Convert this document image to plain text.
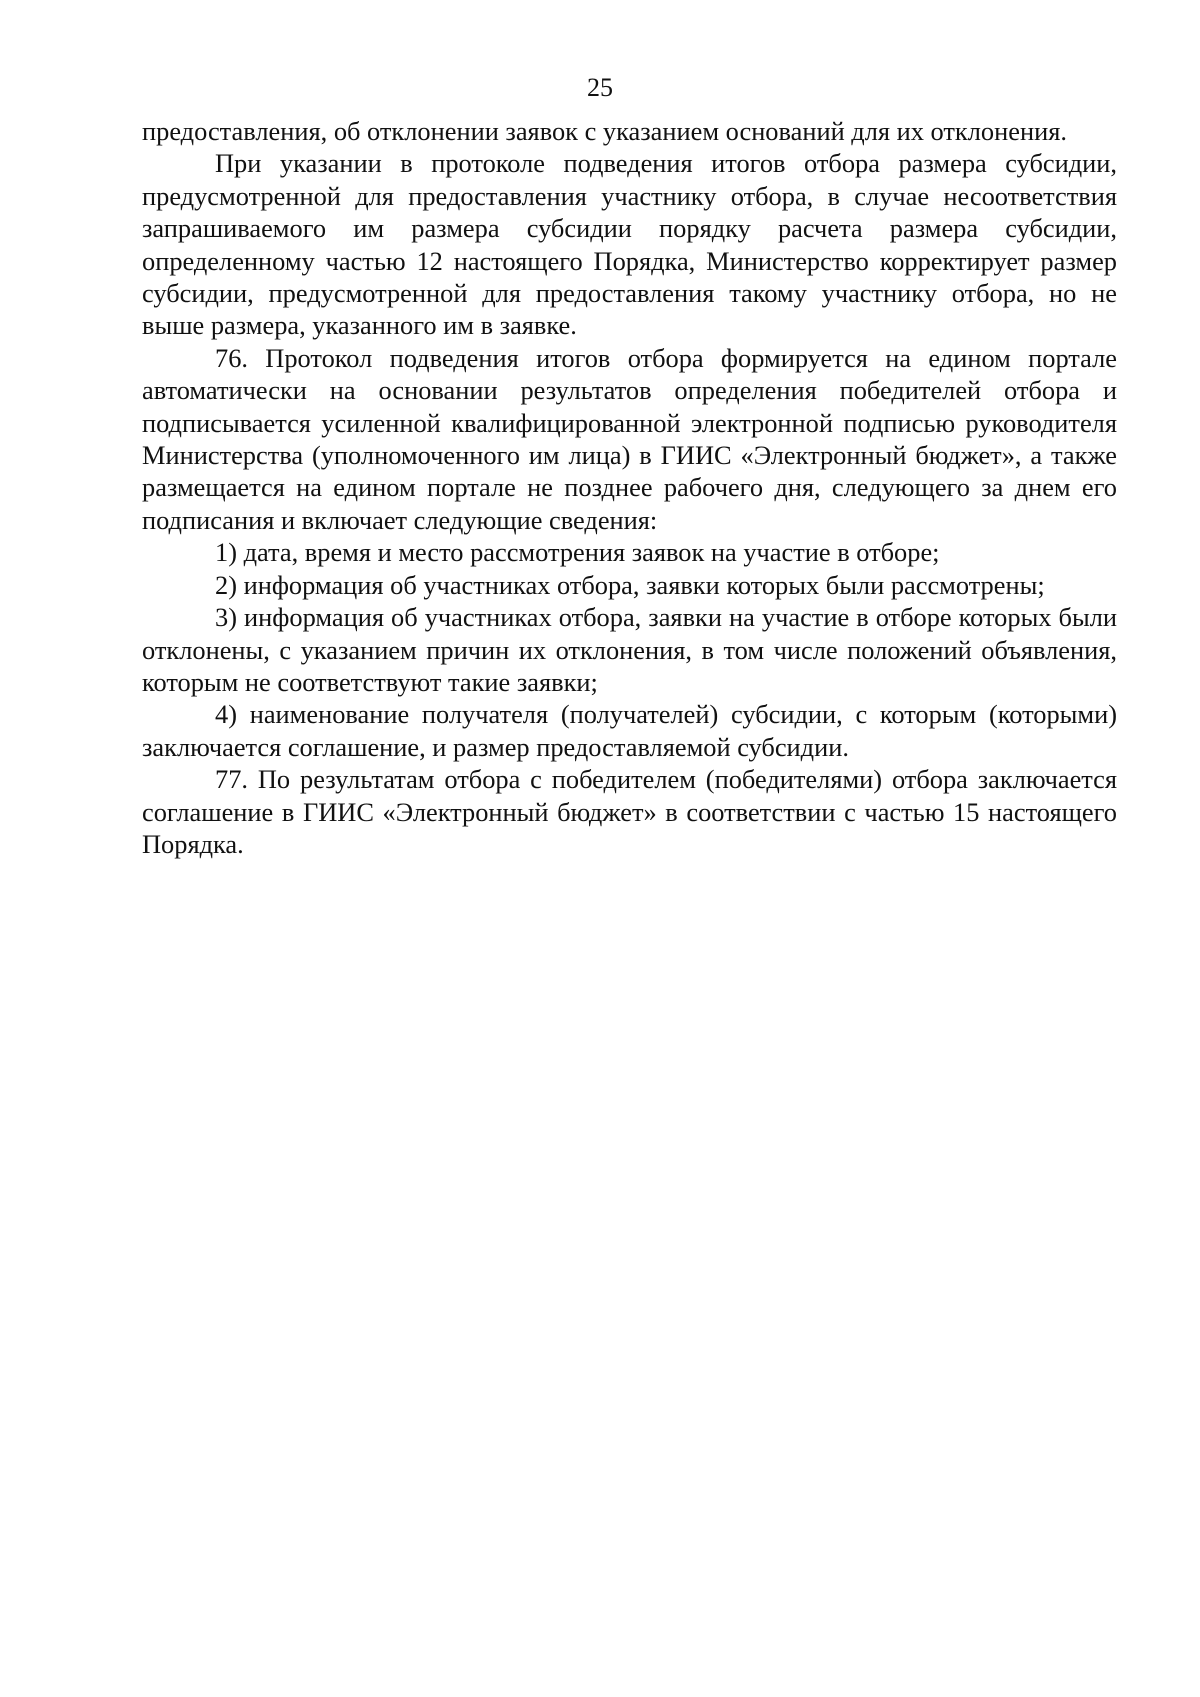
25

предоставления, об отклонении заявок с указанием оснований для их отклонения.

При указании в протоколе подведения итогов отбора размера субсидии, предусмотренной для предоставления участнику отбора, в случае несоответствия запрашиваемого им размера субсидии порядку расчета размера субсидии, определенному частью 12 настоящего Порядка, Министерство корректирует размер субсидии, предусмотренной для предоставления такому участнику отбора, но не выше размера, указанного им в заявке.

76. Протокол подведения итогов отбора формируется на едином портале автоматически на основании результатов определения победителей отбора и подписывается усиленной квалифицированной электронной подписью руководителя Министерства (уполномоченного им лица) в ГИИС «Электронный бюджет», а также размещается на едином портале не позднее рабочего дня, следующего за днем его подписания и включает следующие сведения:

1) дата, время и место рассмотрения заявок на участие в отборе;

2) информация об участниках отбора, заявки которых были рассмотрены;

3) информация об участниках отбора, заявки на участие в отборе которых были отклонены, с указанием причин их отклонения, в том числе положений объявления, которым не соответствуют такие заявки;

4) наименование получателя (получателей) субсидии, с которым (которыми) заключается соглашение, и размер предоставляемой субсидии.

77. По результатам отбора с победителем (победителями) отбора заключается соглашение в ГИИС «Электронный бюджет» в соответствии с частью 15 настоящего Порядка.
